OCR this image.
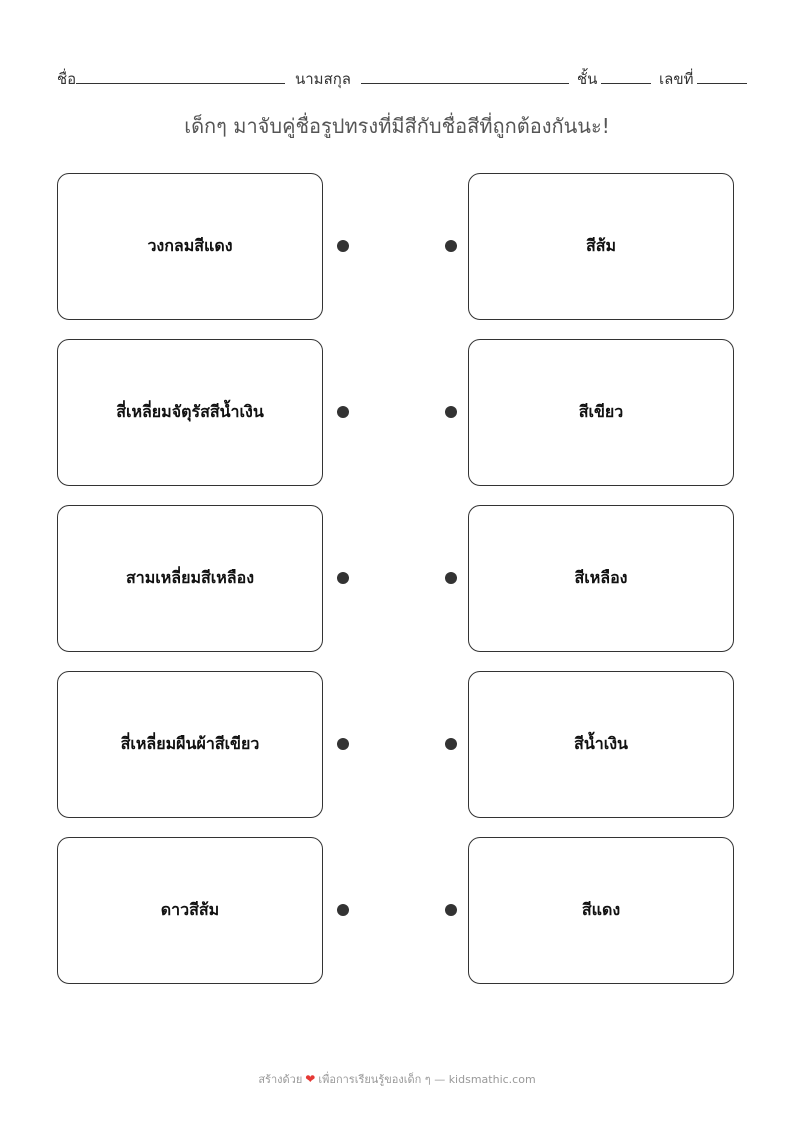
ชื่อ	นามสกุล	ชั้น	เลขที่
เด็กๆ มาจับคู่ชื่อรูปทรงที่มีสีกับชื่อสีที่ถูกต้องกันนะ!
วงกลมสีแดง
สี่เหลี่ยมจัตุรัสสีน้ำเงิน
สามเหลี่ยมสีเหลือง
สี่เหลี่ยมผืนผ้าสีเขียว
ดาวสีส้ม
สีส้ม
สีเขียว
สีเหลือง
สีน้ำเงิน
สีแดง
สร้างด้วย ❤ เพื่อการเรียนรู้ของเด็ก ๆ — kidsmathic.com
